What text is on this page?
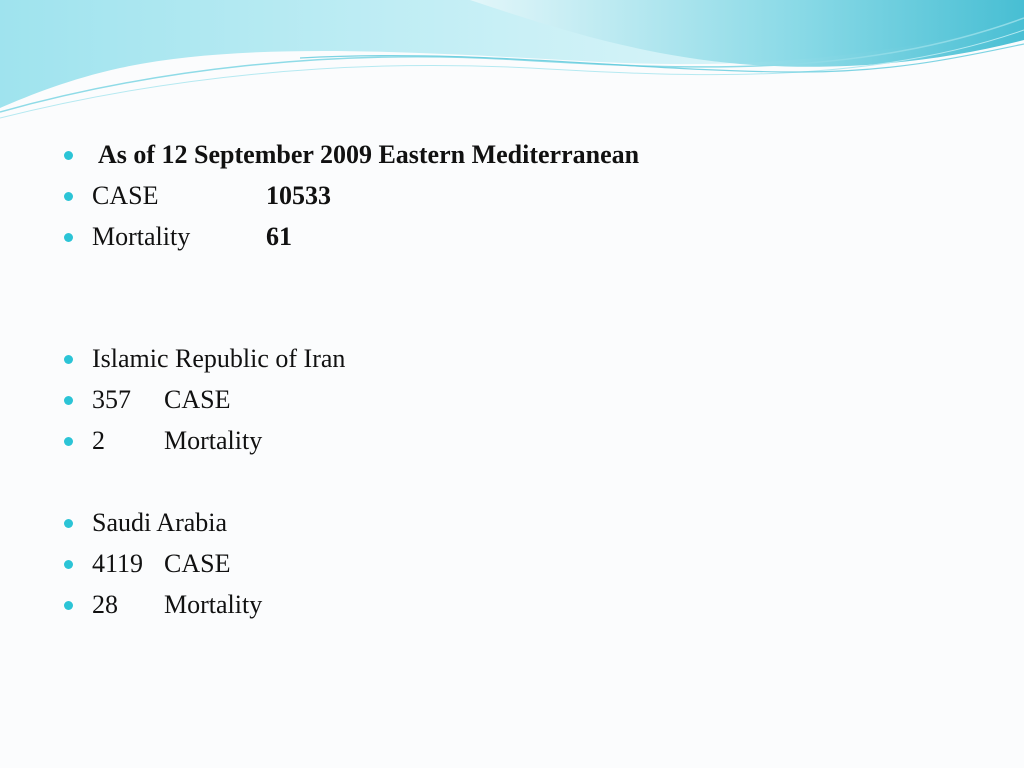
As of 12 September 2009 Eastern Mediterranean
CASE	10533
Mortality	61
Islamic Republic of Iran
357 CASE
2 Mortality
Saudi Arabia
4119 CASE
28 Mortality
